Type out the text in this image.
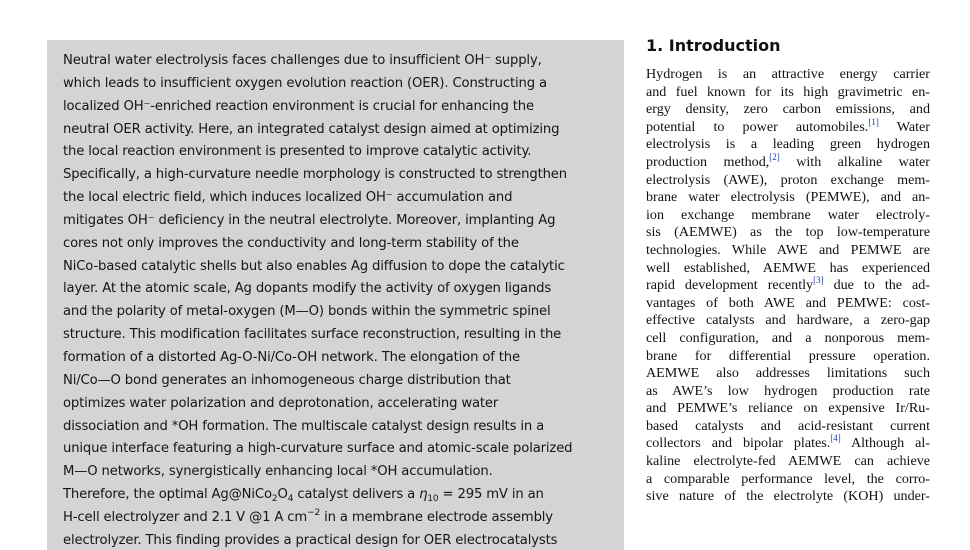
Neutral water electrolysis faces challenges due to insufficient OH⁻ supply,
which leads to insufficient oxygen evolution reaction (OER). Constructing a
localized OH⁻-enriched reaction environment is crucial for enhancing the
neutral OER activity. Here, an integrated catalyst design aimed at optimizing
the local reaction environment is presented to improve catalytic activity.
Specifically, a high-curvature needle morphology is constructed to strengthen
the local electric field, which induces localized OH⁻ accumulation and
mitigates OH⁻ deficiency in the neutral electrolyte. Moreover, implanting Ag
cores not only improves the conductivity and long-term stability of the
NiCo-based catalytic shells but also enables Ag diffusion to dope the catalytic
layer. At the atomic scale, Ag dopants modify the activity of oxygen ligands
and the polarity of metal-oxygen (M—O) bonds within the symmetric spinel
structure. This modification facilitates surface reconstruction, resulting in the
formation of a distorted Ag-O-Ni/Co-OH network. The elongation of the
Ni/Co—O bond generates an inhomogeneous charge distribution that
optimizes water polarization and deprotonation, accelerating water
dissociation and *OH formation. The multiscale catalyst design results in a
unique interface featuring a high-curvature surface and atomic-scale polarized
M—O networks, synergistically enhancing local *OH accumulation.
Therefore, the optimal $Ag@NiCo_2O_4$ catalyst delivers a $\eta_{10} = 295$ mV in an
H-cell electrolyzer and 2.1 V @1 A $cm^{-2}$ in a membrane electrode assembly
electrolyzer. This finding provides a practical design for OER electrocatalysts
1. Introduction
Hydrogen is an attractive energy carrier
and fuel known for its high gravimetric en-
ergy density, zero carbon emissions, and
potential to power automobiles.[1] Water
electrolysis is a leading green hydrogen
production method,[2] with alkaline water
electrolysis (AWE), proton exchange mem-
brane water electrolysis (PEMWE), and an-
ion exchange membrane water electroly-
sis (AEMWE) as the top low-temperature
technologies. While AWE and PEMWE are
well established, AEMWE has experienced
rapid development recently[3] due to the ad-
vantages of both AWE and PEMWE: cost-
effective catalysts and hardware, a zero-gap
cell configuration, and a nonporous mem-
brane for differential pressure operation.
AEMWE also addresses limitations such
as AWE’s low hydrogen production rate
and PEMWE’s reliance on expensive Ir/Ru-
based catalysts and acid-resistant current
collectors and bipolar plates.[4] Although al-
kaline electrolyte-fed AEMWE can achieve
a comparable performance level, the corro-
sive nature of the electrolyte (KOH) under-
